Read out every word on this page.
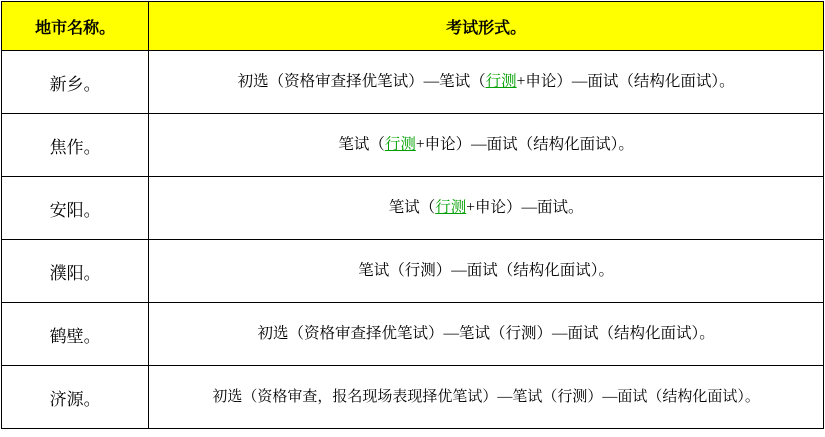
地市名称。	考试形式。
新乡。	初选（资格审查择优笔试）—笔试（行测+申论）—面试（结构化面试）。
焦作。	笔试（行测+申论）—面试（结构化面试）。
安阳。	笔试（行测+申论）—面试。
濮阳。	笔试（行测）—面试（结构化面试）。
鹤壁。	初选（资格审查择优笔试）—笔试（行测）—面试（结构化面试）。
济源。	初选（资格审查，报名现场表现择优笔试）—笔试（行测）—面试（结构化面试）。
